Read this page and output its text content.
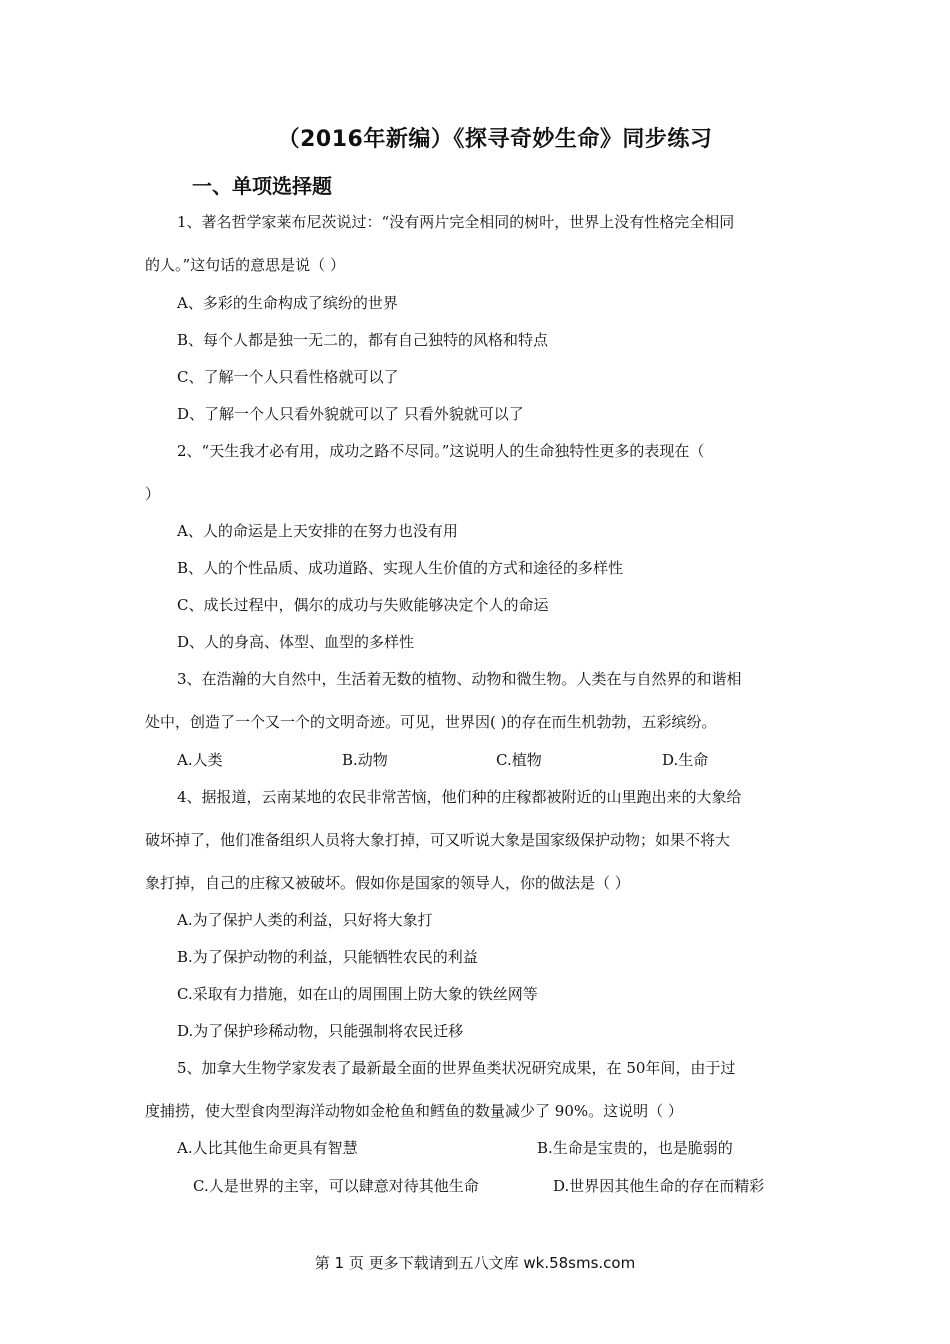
（2016年新编）《探寻奇妙生命》同步练习
一、单项选择题
1、著名哲学家莱布尼茨说过：“没有两片完全相同的树叶，世界上没有性格完全相同
的人。”这句话的意思是说（ ）
A、多彩的生命构成了缤纷的世界
B、每个人都是独一无二的，都有自己独特的风格和特点
C、了解一个人只看性格就可以了
D、了解一个人只看外貌就可以了 只看外貌就可以了
2、“天生我才必有用，成功之路不尽同。”这说明人的生命独特性更多的表现在（
）
A、人的命运是上天安排的在努力也没有用
B、人的个性品质、成功道路、实现人生价值的方式和途径的多样性
C、成长过程中，偶尔的成功与失败能够决定个人的命运
D、人的身高、体型、血型的多样性
3、在浩瀚的大自然中，生活着无数的植物、动物和微生物。人类在与自然界的和谐相
处中，创造了一个又一个的文明奇迹。可见，世界因( )的存在而生机勃勃，五彩缤纷。
A.人类	B.动物	C.植物	D.生命
4、据报道，云南某地的农民非常苦恼，他们种的庄稼都被附近的山里跑出来的大象给
破坏掉了，他们准备组织人员将大象打掉，可又听说大象是国家级保护动物；如果不将大
象打掉，自己的庄稼又被破坏。假如你是国家的领导人，你的做法是（ ）
A.为了保护人类的利益，只好将大象打
B.为了保护动物的利益，只能牺牲农民的利益
C.采取有力措施，如在山的周围围上防大象的铁丝网等
D.为了保护珍稀动物，只能强制将农民迁移
5、加拿大生物学家发表了最新最全面的世界鱼类状况研究成果，在 50年间，由于过
度捕捞，使大型食肉型海洋动物如金枪鱼和鳕鱼的数量减少了 90%。这说明（ ）
A.人比其他生命更具有智慧	B.生命是宝贵的，也是脆弱的
C.人是世界的主宰，可以肆意对待其他生命	D.世界因其他生命的存在而精彩
第 1 页 更多下载请到五八文库 wk.58sms.com
